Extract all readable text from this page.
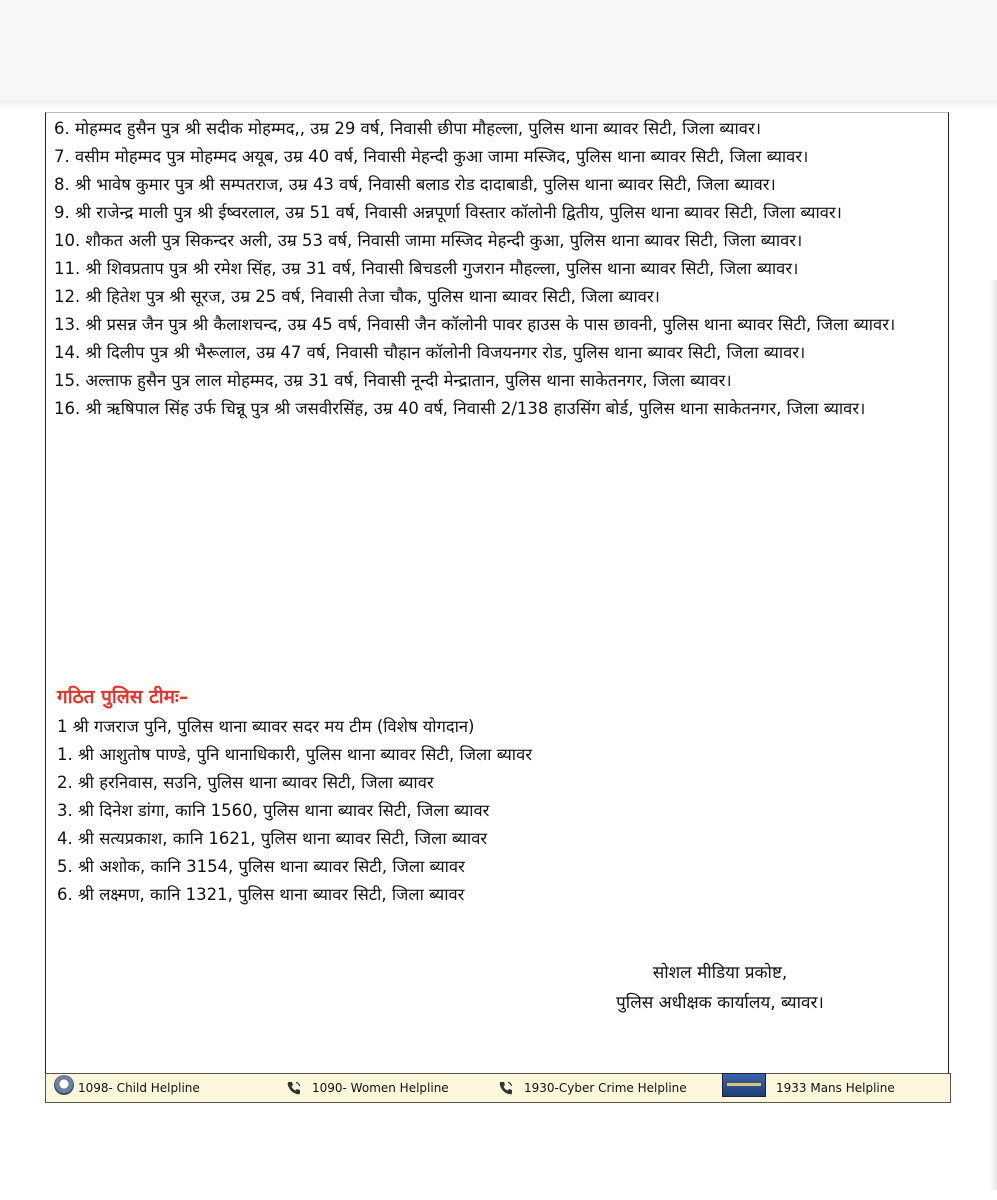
6. मोहम्मद हुसैन पुत्र श्री सदीक मोहम्मद,, उम्र 29 वर्ष, निवासी छीपा मौहल्ला, पुलिस थाना ब्यावर सिटी, जिला ब्यावर।
7. वसीम मोहम्मद पुत्र मोहम्मद अयूब, उम्र 40 वर्ष, निवासी मेहन्दी कुआ जामा मस्जिद, पुलिस थाना ब्यावर सिटी, जिला ब्यावर।
8. श्री भावेष कुमार पुत्र श्री सम्पतराज, उम्र 43 वर्ष, निवासी बलाड रोड दादाबाडी, पुलिस थाना ब्यावर सिटी, जिला ब्यावर।
9. श्री राजेन्द्र माली पुत्र श्री ईष्वरलाल, उम्र 51 वर्ष, निवासी अन्नपूर्णा विस्तार कॉलोनी द्वितीय, पुलिस थाना ब्यावर सिटी, जिला ब्यावर।
10. शौकत अली पुत्र सिकन्दर अली, उम्र 53 वर्ष, निवासी जामा मस्जिद मेहन्दी कुआ, पुलिस थाना ब्यावर सिटी, जिला ब्यावर।
11. श्री शिवप्रताप पुत्र श्री रमेश सिंह, उम्र 31 वर्ष, निवासी बिचडली गुजरान मौहल्ला, पुलिस थाना ब्यावर सिटी, जिला ब्यावर।
12. श्री हितेश पुत्र श्री सूरज, उम्र 25 वर्ष, निवासी तेजा चौक, पुलिस थाना ब्यावर सिटी, जिला ब्यावर।
13. श्री प्रसन्न जैन पुत्र श्री कैलाशचन्द, उम्र 45 वर्ष, निवासी जैन कॉलोनी पावर हाउस के पास छावनी, पुलिस थाना ब्यावर सिटी, जिला ब्यावर।
14. श्री दिलीप पुत्र श्री भैरूलाल, उम्र 47 वर्ष, निवासी चौहान कॉलोनी विजयनगर रोड, पुलिस थाना ब्यावर सिटी, जिला ब्यावर।
15. अल्ताफ हुसैन पुत्र लाल मोहम्मद, उम्र 31 वर्ष, निवासी नून्दी मेन्द्रातान, पुलिस थाना साकेतनगर, जिला ब्यावर।
16. श्री ऋषिपाल सिंह उर्फ चिन्नू पुत्र श्री जसवीरसिंह, उम्र 40 वर्ष, निवासी 2/138 हाउसिंग बोर्ड, पुलिस थाना साकेतनगर, जिला ब्यावर।
गठित पुलिस टीमः–
1 श्री गजराज पुनि, पुलिस थाना ब्यावर सदर मय टीम (विशेष योगदान)
1. श्री आशुतोष पाण्डे, पुनि थानाधिकारी, पुलिस थाना ब्यावर सिटी, जिला ब्यावर
2. श्री हरनिवास, सउनि, पुलिस थाना ब्यावर सिटी, जिला ब्यावर
3. श्री दिनेश डांगा, कानि 1560, पुलिस थाना ब्यावर सिटी, जिला ब्यावर
4. श्री सत्यप्रकाश, कानि 1621, पुलिस थाना ब्यावर सिटी, जिला ब्यावर
5. श्री अशोक, कानि 3154, पुलिस थाना ब्यावर सिटी, जिला ब्यावर
6. श्री लक्ष्मण, कानि 1321, पुलिस थाना ब्यावर सिटी, जिला ब्यावर
सोशल मीडिया प्रकोष्ट,
पुलिस अधीक्षक कार्यालय, ब्यावर।
1098- Child Helpline	1090- Women Helpline	1930-Cyber Crime Helpline	1933 Mans Helpline
